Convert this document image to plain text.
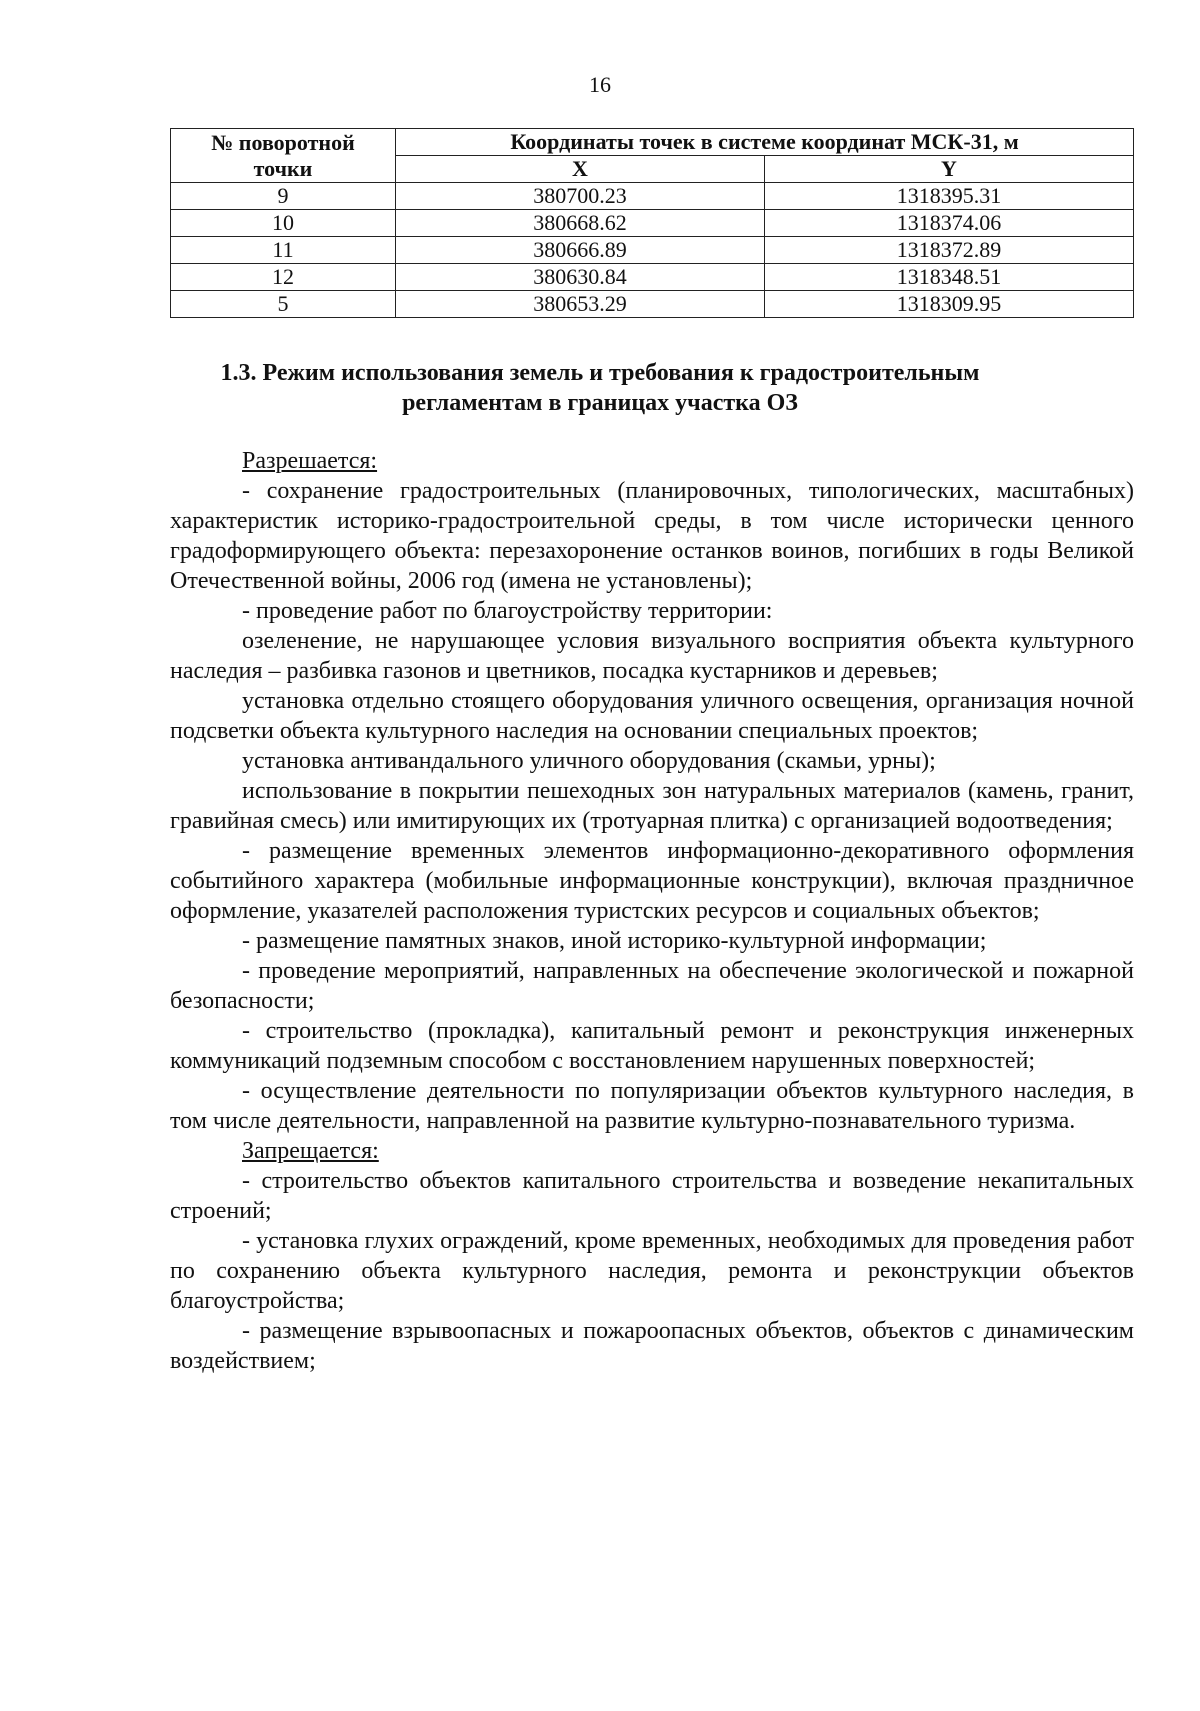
16
№ поворотной
точки	Координаты точек в системе координат МСК-31, м	
	X	Y
9	380700.23	1318395.31
10	380668.62	1318374.06
11	380666.89	1318372.89
12	380630.84	1318348.51
5	380653.29	1318309.95
1.3. Режим использования земель и требования к градостроительным
регламентам в границах участка ОЗ

Разрешается:

- сохранение градостроительных (планировочных, типологических, масштабных) характеристик историко-градостроительной среды, в том числе исторически ценного градоформирующего объекта: перезахоронение останков воинов, погибших в годы Великой Отечественной войны, 2006 год (имена не установлены);

- проведение работ по благоустройству территории:

озеленение, не нарушающее условия визуального восприятия объекта культурного наследия – разбивка газонов и цветников, посадка кустарников и деревьев;

установка отдельно стоящего оборудования уличного освещения, организация ночной подсветки объекта культурного наследия на основании специальных проектов;

установка антивандального уличного оборудования (скамьи, урны);

использование в покрытии пешеходных зон натуральных материалов (камень, гранит, гравийная смесь) или имитирующих их (тротуарная плитка) с организацией водоотведения;

- размещение временных элементов информационно-декоративного оформления событийного характера (мобильные информационные конструкции), включая праздничное оформление, указателей расположения туристских ресурсов и социальных объектов;

- размещение памятных знаков, иной историко-культурной информации;

- проведение мероприятий, направленных на обеспечение экологической и пожарной безопасности;

- строительство (прокладка), капитальный ремонт и реконструкция инженерных коммуникаций подземным способом с восстановлением нарушенных поверхностей;

- осуществление деятельности по популяризации объектов культурного наследия, в том числе деятельности, направленной на развитие культурно-познавательного туризма.

Запрещается:

- строительство объектов капитального строительства и возведение некапитальных строений;

- установка глухих ограждений, кроме временных, необходимых для проведения работ по сохранению объекта культурного наследия, ремонта и реконструкции объектов благоустройства;

- размещение взрывоопасных и пожароопасных объектов, объектов с динамическим воздействием;
